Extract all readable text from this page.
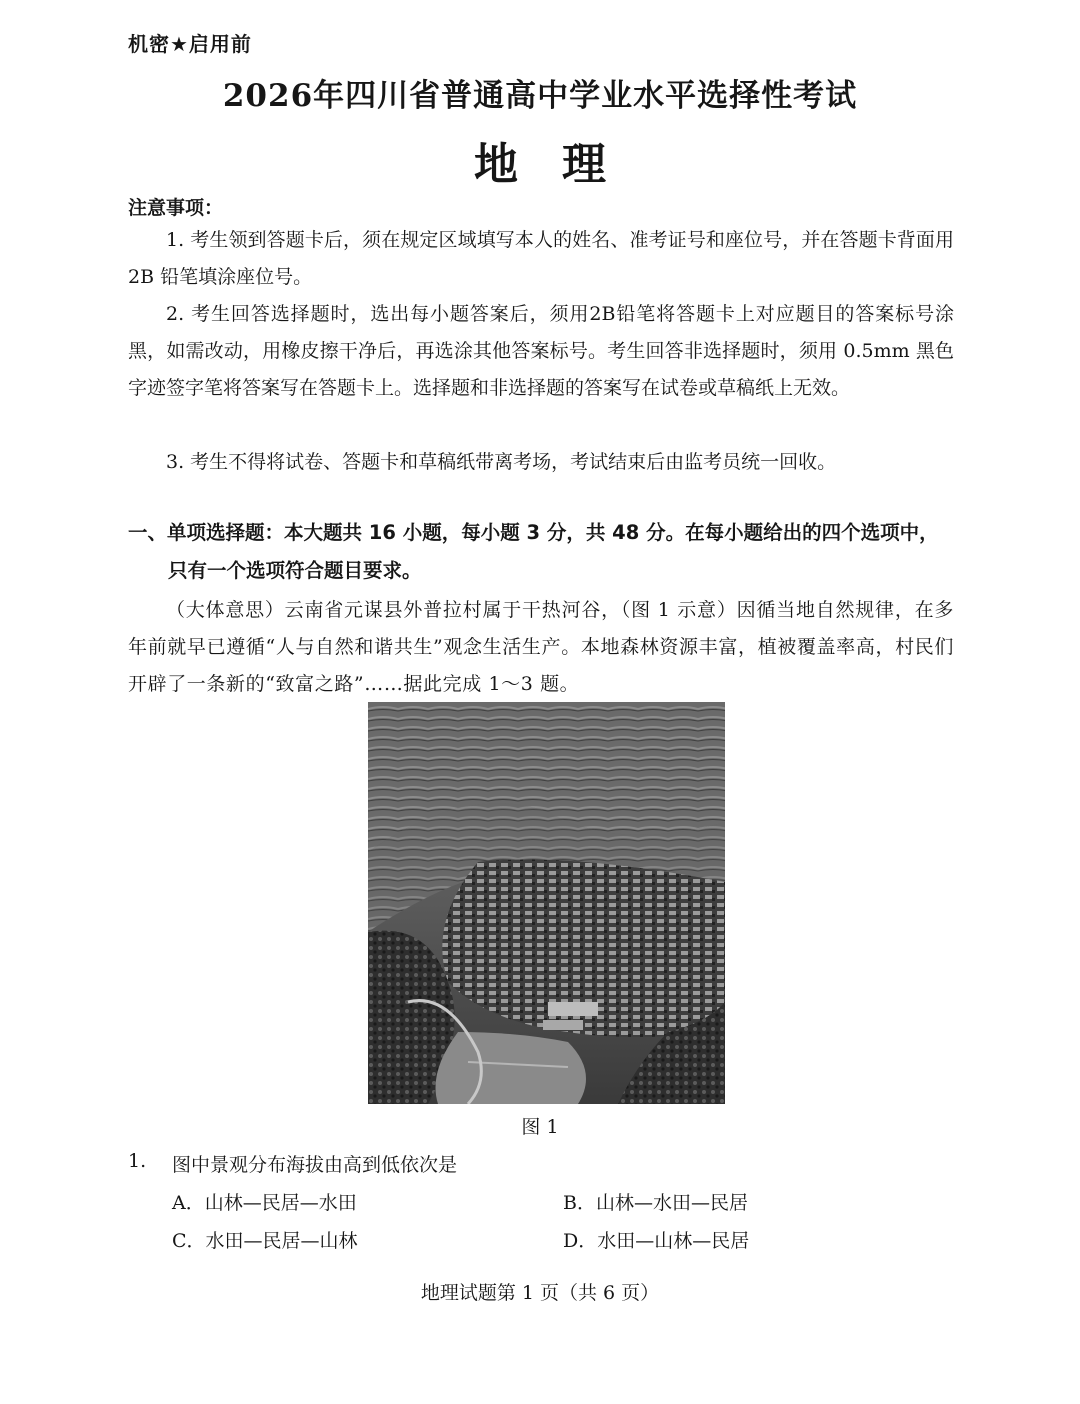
机密★启用前
2026年四川省普通高中学业水平选择性考试
地　理
注意事项：
1. 考生领到答题卡后，须在规定区域填写本人的姓名、准考证号和座位号，并在答题卡背面用 2B 铅笔填涂座位号。
2. 考生回答选择题时，选出每小题答案后，须用2B铅笔将答题卡上对应题目的答案标号涂黑，如需改动，用橡皮擦干净后，再选涂其他答案标号。考生回答非选择题时，须用 0.5mm 黑色字迹签字笔将答案写在答题卡上。选择题和非选择题的答案写在试卷或草稿纸上无效。
3. 考生不得将试卷、答题卡和草稿纸带离考场，考试结束后由监考员统一回收。
一、单项选择题：本大题共 16 小题，每小题 3 分，共 48 分。在每小题给出的四个选项中，只有一个选项符合题目要求。
（大体意思）云南省元谋县外普拉村属于干热河谷，（图 1 示意）因循当地自然规律，在多年前就早已遵循“人与自然和谐共生”观念生活生产。本地森林资源丰富，植被覆盖率高，村民们开辟了一条新的“致富之路”……据此完成 1～3 题。
图 1
1. 图中景观分布海拔由高到低依次是
A．山林—民居—水田	B．山林—水田—民居
C．水田—民居—山林	D．水田—山林—民居
地理试题第 1 页（共 6 页）
